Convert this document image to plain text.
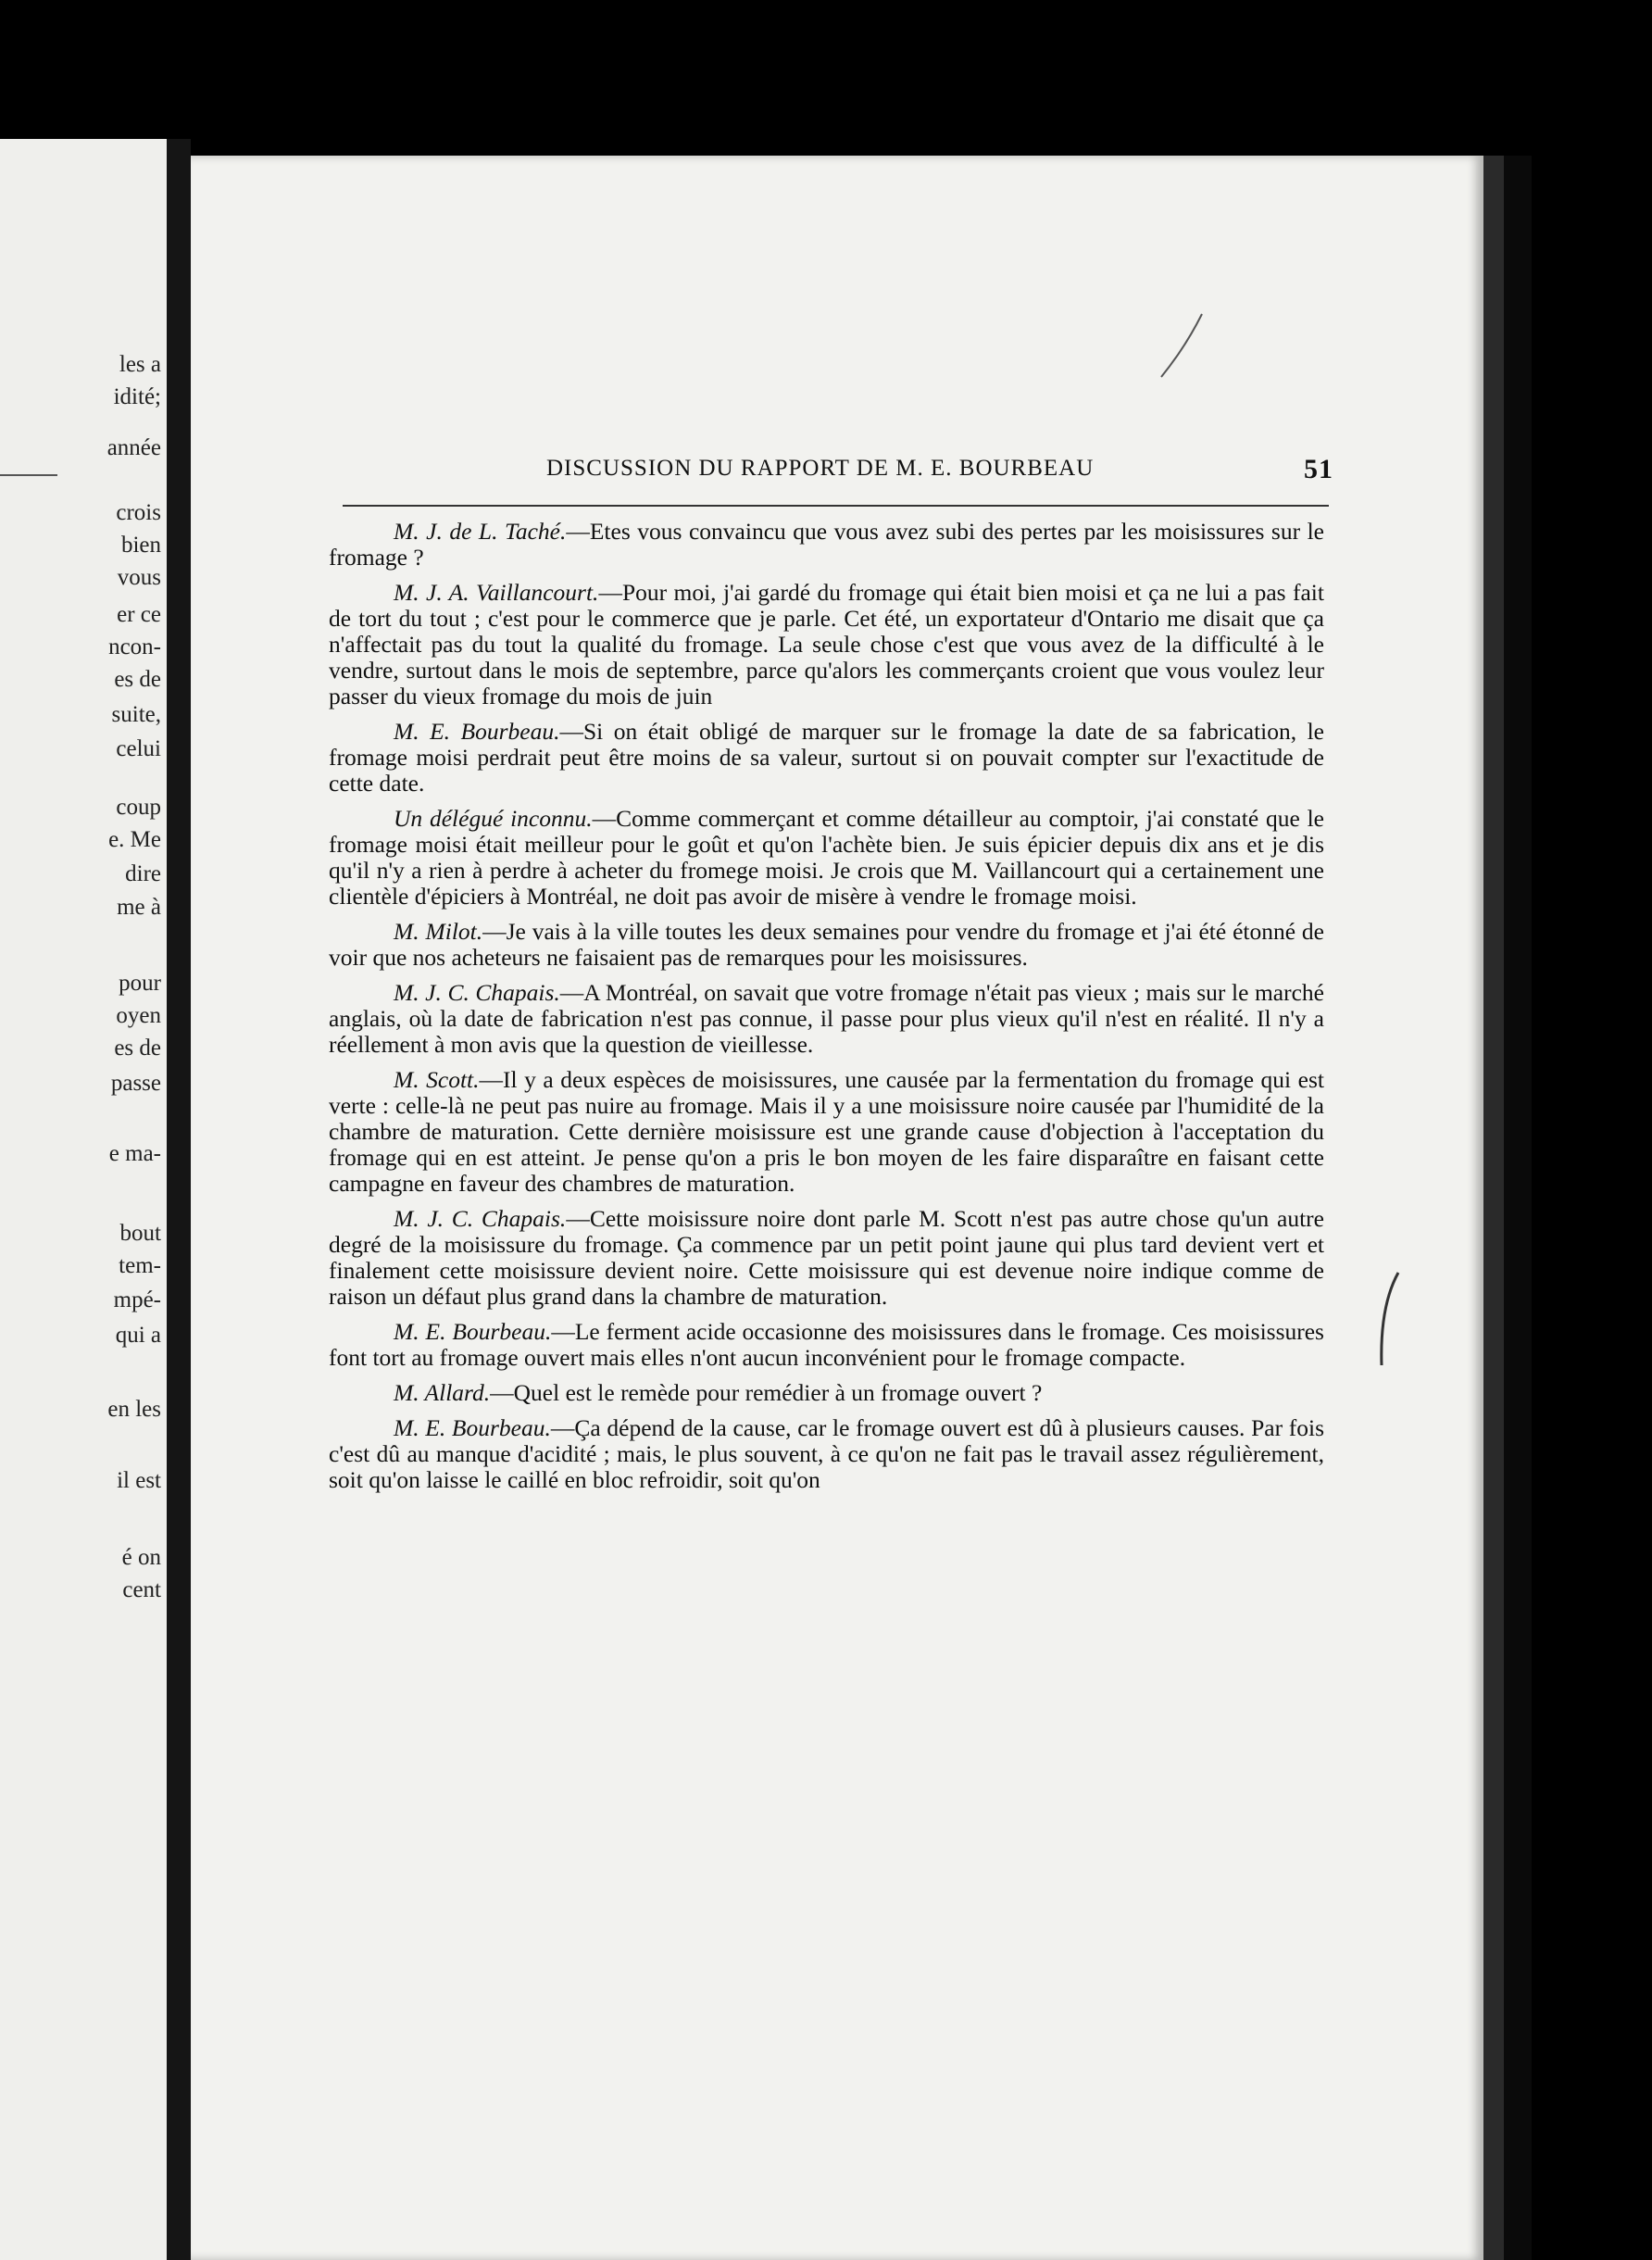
les a
idité;
année
crois
bien
vous
er ce
ncon-
es de
suite,
celui
coup
e. Me
dire
me à
pour
oyen
es de
passe
e ma-
bout
tem-
mpé-
qui a
en les
il est
é on
cent
DISCUSSION DU RAPPORT DE M. E. BOURBEAU	51

M. J. de L. Taché.—Etes vous convaincu que vous avez subi des pertes par les moisissures sur le fromage ?

M. J. A. Vaillancourt.—Pour moi, j'ai gardé du fromage qui était bien moisi et ça ne lui a pas fait de tort du tout ; c'est pour le commerce que je parle. Cet été, un exportateur d'Ontario me disait que ça n'affectait pas du tout la qualité du fromage. La seule chose c'est que vous avez de la difficulté à le vendre, surtout dans le mois de septembre, parce qu'alors les commerçants croient que vous voulez leur passer du vieux fromage du mois de juin

M. E. Bourbeau.—Si on était obligé de marquer sur le fromage la date de sa fabrication, le fromage moisi perdrait peut être moins de sa valeur, surtout si on pouvait compter sur l'exactitude de cette date.

Un délégué inconnu.—Comme commerçant et comme détailleur au comptoir, j'ai constaté que le fromage moisi était meilleur pour le goût et qu'on l'achète bien. Je suis épicier depuis dix ans et je dis qu'il n'y a rien à perdre à acheter du fromege moisi. Je crois que M. Vaillancourt qui a certainement une clientèle d'épiciers à Montréal, ne doit pas avoir de misère à vendre le fromage moisi.

M. Milot.—Je vais à la ville toutes les deux semaines pour vendre du fromage et j'ai été étonné de voir que nos acheteurs ne faisaient pas de remarques pour les moisissures.

M. J. C. Chapais.—A Montréal, on savait que votre fromage n'était pas vieux ; mais sur le marché anglais, où la date de fabrication n'est pas connue, il passe pour plus vieux qu'il n'est en réalité. Il n'y a réellement à mon avis que la question de vieillesse.

M. Scott.—Il y a deux espèces de moisissures, une causée par la fermentation du fromage qui est verte : celle-là ne peut pas nuire au fromage. Mais il y a une moisissure noire causée par l'humidité de la chambre de maturation. Cette dernière moisissure est une grande cause d'objection à l'acceptation du fromage qui en est atteint. Je pense qu'on a pris le bon moyen de les faire disparaître en faisant cette campagne en faveur des chambres de maturation.

M. J. C. Chapais.—Cette moisissure noire dont parle M. Scott n'est pas autre chose qu'un autre degré de la moisissure du fromage. Ça commence par un petit point jaune qui plus tard devient vert et finalement cette moisissure devient noire. Cette moisissure qui est devenue noire indique comme de raison un défaut plus grand dans la chambre de maturation.

M. E. Bourbeau.—Le ferment acide occasionne des moisissures dans le fromage. Ces moisissures font tort au fromage ouvert mais elles n'ont aucun inconvénient pour le fromage compacte.

M. Allard.—Quel est le remède pour remédier à un fromage ouvert ?

M. E. Bourbeau.—Ça dépend de la cause, car le fromage ouvert est dû à plusieurs causes. Par fois c'est dû au manque d'acidité ; mais, le plus souvent, à ce qu'on ne fait pas le travail assez régulièrement, soit qu'on laisse le caillé en bloc refroidir, soit qu'on
